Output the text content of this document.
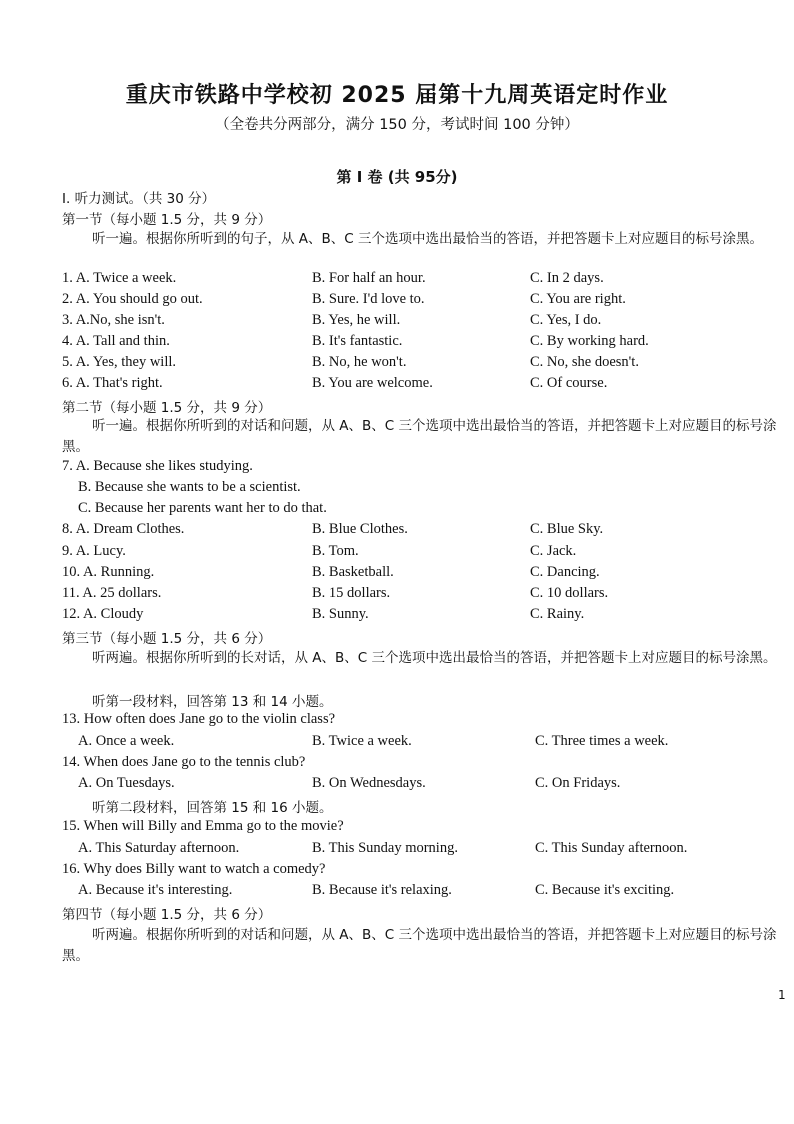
重庆市铁路中学校初 2025 届第十九周英语定时作业
（全卷共分两部分，满分 150 分，考试时间 100 分钟）
第 I 卷 (共 95分)
I. 听力测试。（共 30 分）
第一节（每小题 1.5 分，共 9 分）
听一遍。根据你所听到的句子，从 A、B、C 三个选项中选出最恰当的答语，并把答题卡上对应题目的标号涂黑。
1. A. Twice a week.	B. For half an hour.	C. In 2 days.
2. A. You should go out.	B. Sure. I'd love to.	C. You are right.
3. A.No, she isn't.	B. Yes, he will.	C. Yes, I do.
4. A. Tall and thin.	B. It's fantastic.	C. By working hard.
5. A. Yes, they will.	B. No, he won't.	C. No, she doesn't.
6. A. That's right.	B. You are welcome.	C. Of course.
第二节（每小题 1.5 分，共 9 分）
听一遍。根据你所听到的对话和问题，从 A、B、C 三个选项中选出最恰当的答语，并把答题卡上对应题目的标号涂黑。
7. A. Because she likes studying.
B. Because she wants to be a scientist.
C. Because her parents want her to do that.
8. A. Dream Clothes.	B. Blue Clothes.	C. Blue Sky.
9. A. Lucy.	B. Tom.	C. Jack.
10. A. Running.	B. Basketball.	C. Dancing.
11. A. 25 dollars.	B. 15 dollars.	C. 10 dollars.
12. A. Cloudy	B. Sunny.	C. Rainy.
第三节（每小题 1.5 分，共 6 分）
听两遍。根据你所听到的长对话，从 A、B、C 三个选项中选出最恰当的答语，并把答题卡上对应题目的标号涂黑。
听第一段材料，回答第 13 和 14 小题。
13. How often does Jane go to the violin class?
A. Once a week.	B. Twice a week.	C. Three times a week.
14. When does Jane go to the tennis club?
A. On Tuesdays.	B. On Wednesdays.	C. On Fridays.
听第二段材料，回答第 15 和 16 小题。
15. When will Billy and Emma go to the movie?
A. This Saturday afternoon.	B. This Sunday morning.	C. This Sunday afternoon.
16. Why does Billy want to watch a comedy?
A. Because it's interesting.	B. Because it's relaxing.	C. Because it's exciting.
第四节（每小题 1.5 分，共 6 分）
听两遍。根据你所听到的对话和问题，从 A、B、C 三个选项中选出最恰当的答语，并把答题卡上对应题目的标号涂黑。
1
